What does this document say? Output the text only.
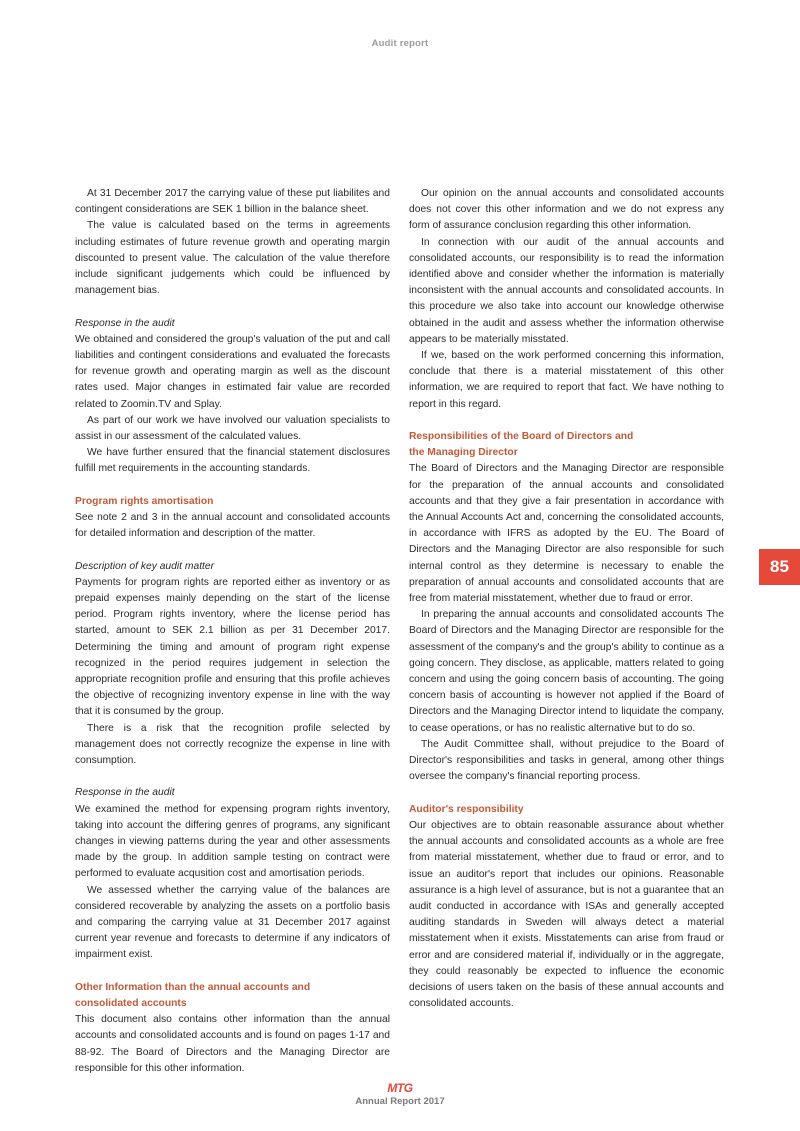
Audit report

At 31 December 2017 the carrying value of these put liabilites and contingent considerations are SEK 1 billion in the balance sheet.

The value is calculated based on the terms in agreements including estimates of future revenue growth and operating margin discounted to present value. The calculation of the value therefore include significant judgements which could be influenced by management bias.

Response in the audit

We obtained and considered the group's valuation of the put and call liabilities and contingent considerations and evaluated the forecasts for revenue growth and operating margin as well as the discount rates used. Major changes in estimated fair value are recorded related to Zoomin.TV and Splay.

As part of our work we have involved our valuation specialists to assist in our assessment of the calculated values.

We have further ensured that the financial statement disclosures fulfill met requirements in the accounting standards.

Program rights amortisation

See note 2 and 3 in the annual account and consolidated accounts for detailed information and description of the matter.

Description of key audit matter

Payments for program rights are reported either as inventory or as prepaid expenses mainly depending on the start of the license period. Program rights inventory, where the license period has started, amount to SEK 2.1 billion as per 31 December 2017. Determining the timing and amount of program right expense recognized in the period requires judgement in selection the appropriate recognition profile and ensuring that this profile achieves the objective of recognizing inventory expense in line with the way that it is consumed by the group.

There is a risk that the recognition profile selected by management does not correctly recognize the expense in line with consumption.

Response in the audit

We examined the method for expensing program rights inventory, taking into account the differing genres of programs, any significant changes in viewing patterns during the year and other assessments made by the group. In addition sample testing on contract were performed to evaluate acqusition cost and amortisation periods.

We assessed whether the carrying value of the balances are considered recoverable by analyzing the assets on a portfolio basis and comparing the carrying value at 31 December 2017 against current year revenue and forecasts to determine if any indicators of impairment exist.

Other Information than the annual accounts and

consolidated accounts

This document also contains other information than the annual accounts and consolidated accounts and is found on pages 1-17 and 88-92. The Board of Directors and the Managing Director are responsible for this other information.

Our opinion on the annual accounts and consolidated accounts does not cover this other information and we do not express any form of assurance conclusion regarding this other information.

In connection with our audit of the annual accounts and consolidated accounts, our responsibility is to read the information identified above and consider whether the information is materially inconsistent with the annual accounts and consolidated accounts. In this procedure we also take into account our knowledge otherwise obtained in the audit and assess whether the information otherwise appears to be materially misstated.

If we, based on the work performed concerning this information, conclude that there is a material misstatement of this other information, we are required to report that fact. We have nothing to report in this regard.

Responsibilities of the Board of Directors and

the Managing Director

The Board of Directors and the Managing Director are responsible for the preparation of the annual accounts and consolidated accounts and that they give a fair presentation in accordance with the Annual Accounts Act and, concerning the consolidated accounts, in accordance with IFRS as adopted by the EU. The Board of Directors and the Managing Director are also responsible for such internal control as they determine is necessary to enable the preparation of annual accounts and consolidated accounts that are free from material misstatement, whether due to fraud or error.

In preparing the annual accounts and consolidated accounts The Board of Directors and the Managing Director are responsible for the assessment of the company's and the group's ability to continue as a going concern. They disclose, as applicable, matters related to going concern and using the going concern basis of accounting. The going concern basis of accounting is however not applied if the Board of Directors and the Managing Director intend to liquidate the company, to cease operations, or has no realistic alternative but to do so.

The Audit Committee shall, without prejudice to the Board of Director's responsibilities and tasks in general, among other things oversee the company's financial reporting process.

Auditor's responsibility

Our objectives are to obtain reasonable assurance about whether the annual accounts and consolidated accounts as a whole are free from material misstatement, whether due to fraud or error, and to issue an auditor's report that includes our opinions. Reasonable assurance is a high level of assurance, but is not a guarantee that an audit conducted in accordance with ISAs and generally accepted auditing standards in Sweden will always detect a material misstatement when it exists. Misstatements can arise from fraud or error and are considered material if, individually or in the aggregate, they could reasonably be expected to influence the economic decisions of users taken on the basis of these annual accounts and consolidated accounts.

85
MTG
Annual Report 2017
